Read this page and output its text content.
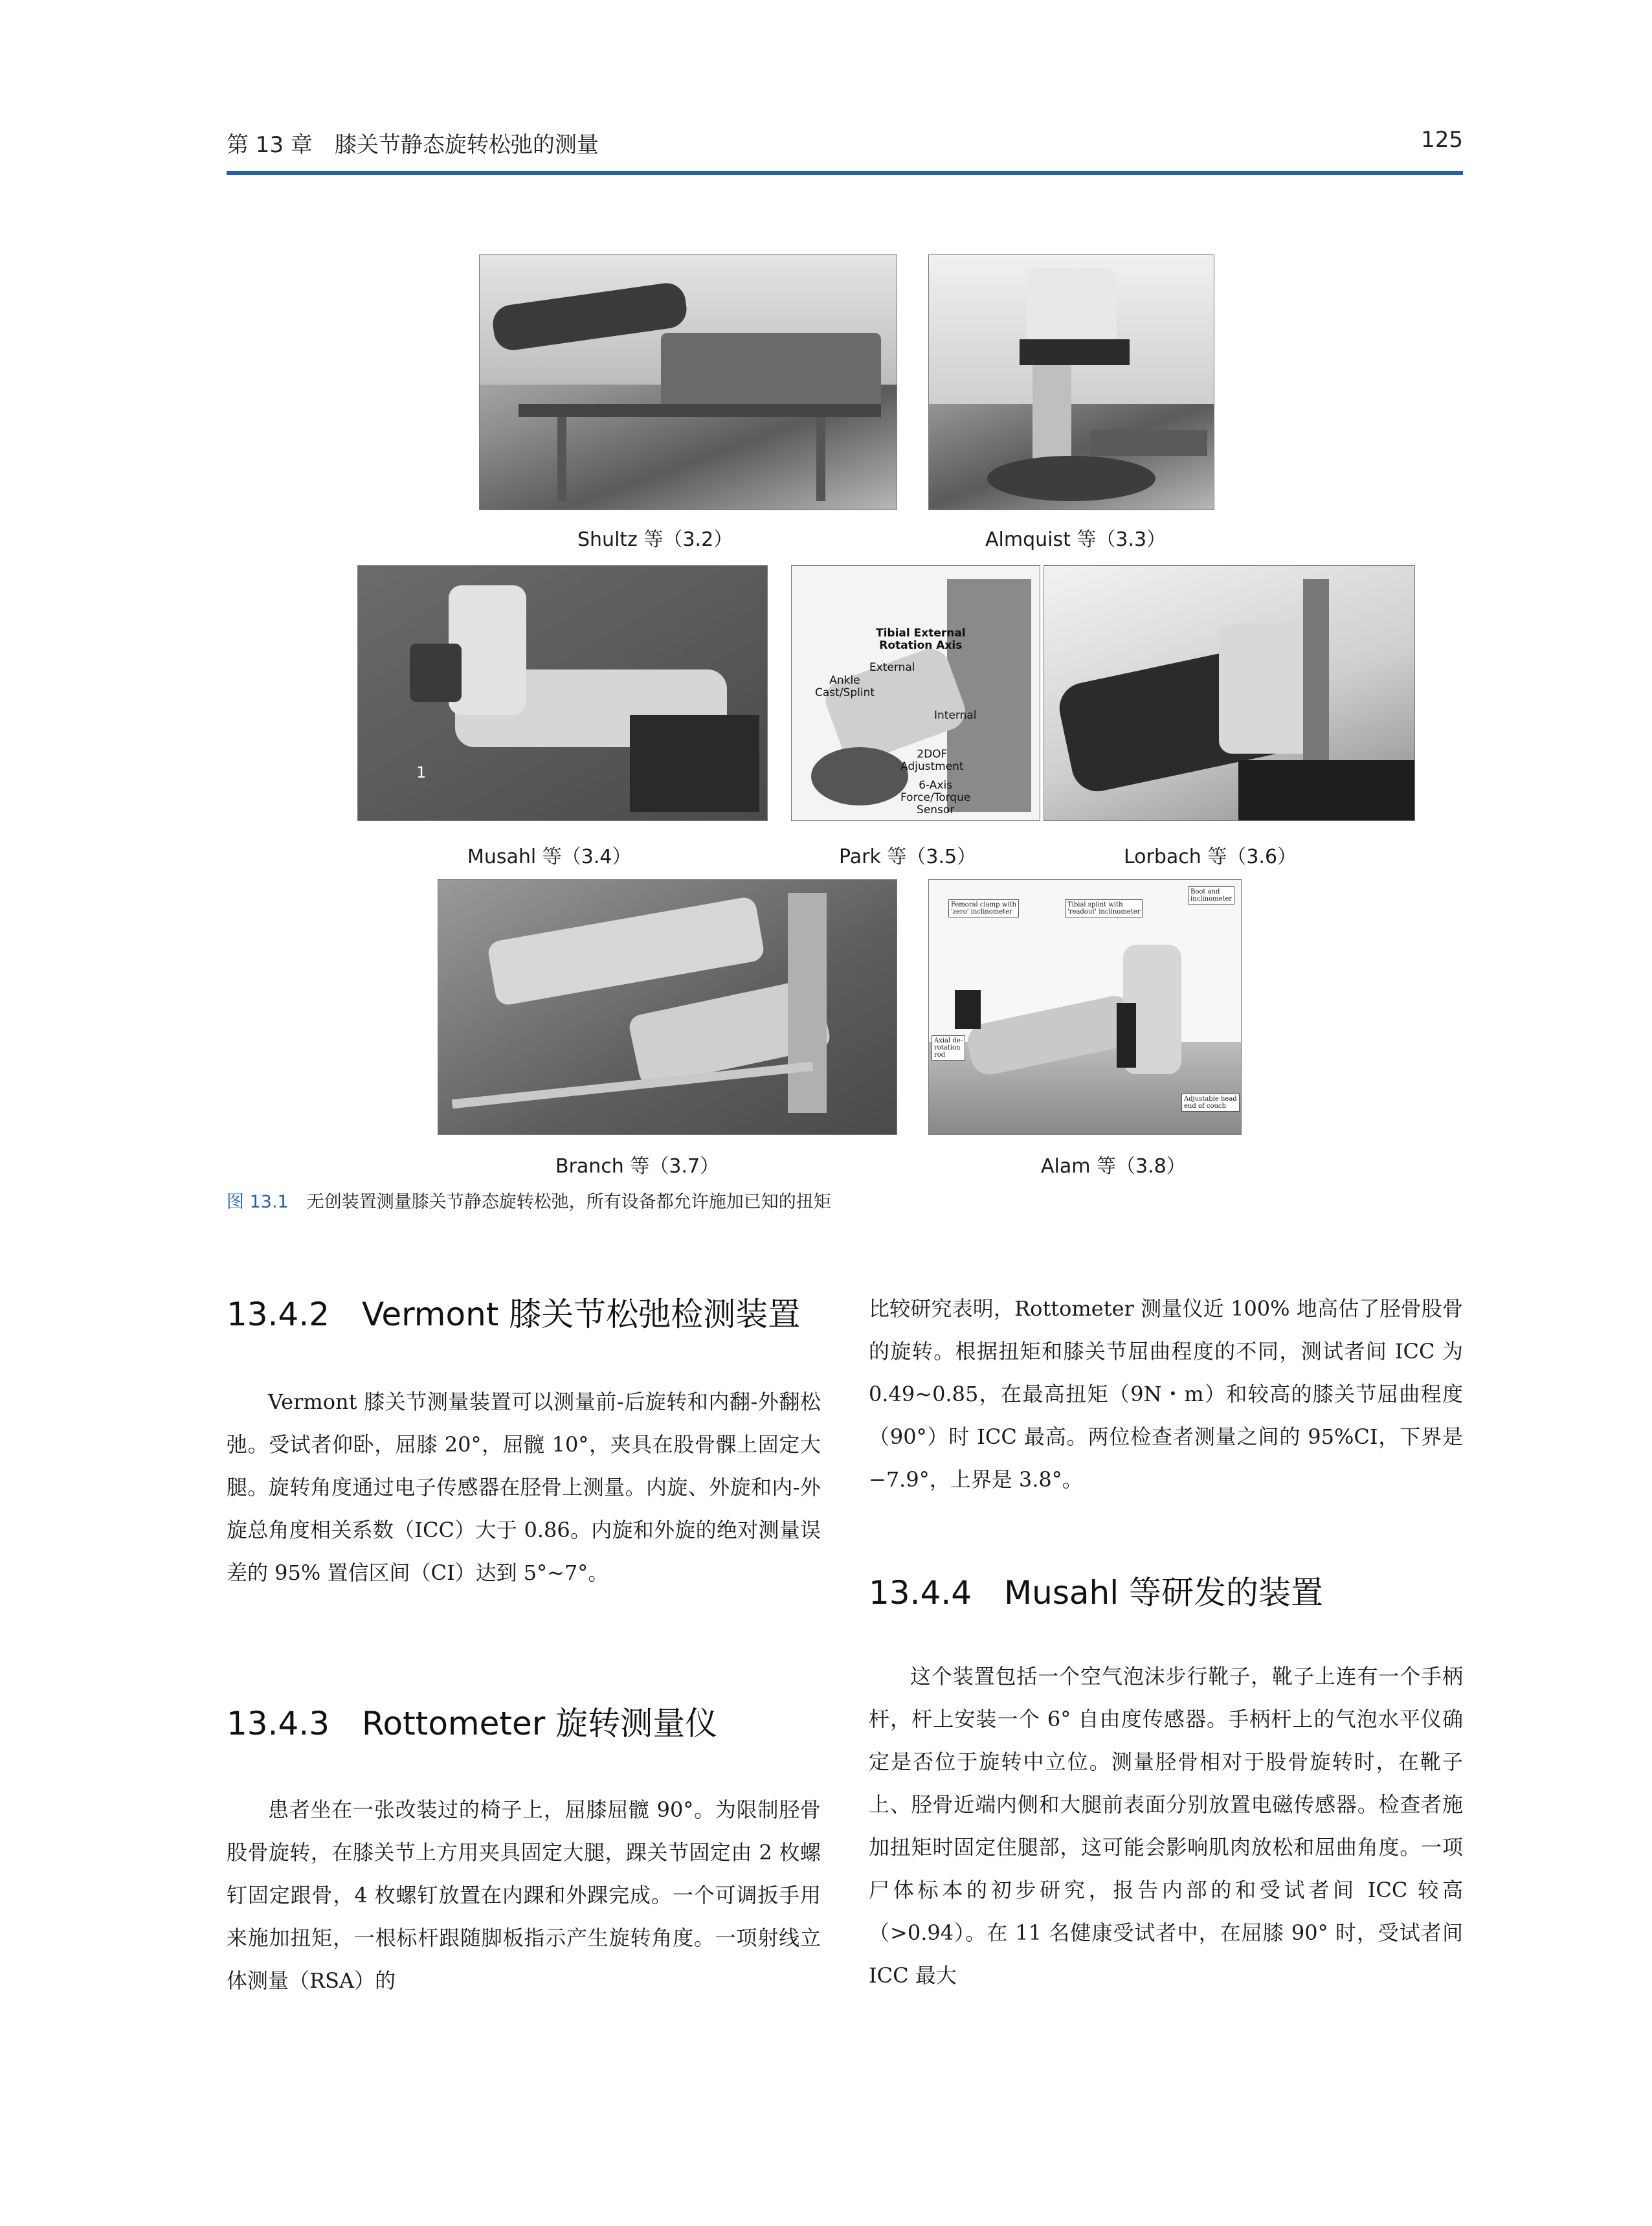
第 13 章　膝关节静态旋转松弛的测量	125
Shultz 等（3.2）	Almquist 等（3.3）
1
Tibial External
Rotation Axis
External
Ankle
Cast/Splint
Internal
2DOF
Adjustment
6-Axis
Force/Torque
Sensor
Musahl 等（3.4）	Park 等（3.5）	Lorbach 等（3.6）
Femoral clamp with
'zero' inclinometer
Tibial splint with
'readout' inclinometer
Boot and
inclinometer
Axial de-
rotation
rod
Adjustable head
end of couch
Branch 等（3.7）	Alam 等（3.8）
图 13.1 无创装置测量膝关节静态旋转松弛，所有设备都允许施加已知的扭矩
13.4.2　Vermont 膝关节松弛检测装置

Vermont 膝关节测量装置可以测量前-后旋转和内翻-外翻松弛。受试者仰卧，屈膝 20°，屈髋 10°，夹具在股骨髁上固定大腿。旋转角度通过电子传感器在胫骨上测量。内旋、外旋和内-外旋总角度相关系数（ICC）大于 0.86。内旋和外旋的绝对测量误差的 95% 置信区间（CI）达到 5°~7°。

13.4.3　Rottometer 旋转测量仪

患者坐在一张改装过的椅子上，屈膝屈髋 90°。为限制胫骨股骨旋转，在膝关节上方用夹具固定大腿，踝关节固定由 2 枚螺钉固定跟骨，4 枚螺钉放置在内踝和外踝完成。一个可调扳手用来施加扭矩，一根标杆跟随脚板指示产生旋转角度。一项射线立体测量（RSA）的

比较研究表明，Rottometer 测量仪近 100% 地高估了胫骨股骨的旋转。根据扭矩和膝关节屈曲程度的不同，测试者间 ICC 为 0.49~0.85，在最高扭矩（9N・m）和较高的膝关节屈曲程度（90°）时 ICC 最高。两位检查者测量之间的 95%CI，下界是 −7.9°，上界是 3.8°。

13.4.4　Musahl 等研发的装置

这个装置包括一个空气泡沫步行靴子，靴子上连有一个手柄杆，杆上安装一个 6° 自由度传感器。手柄杆上的气泡水平仪确定是否位于旋转中立位。测量胫骨相对于股骨旋转时，在靴子上、胫骨近端内侧和大腿前表面分别放置电磁传感器。检查者施加扭矩时固定住腿部，这可能会影响肌肉放松和屈曲角度。一项尸体标本的初步研究，报告内部的和受试者间 ICC 较高（>0.94）。在 11 名健康受试者中，在屈膝 90° 时，受试者间 ICC 最大
